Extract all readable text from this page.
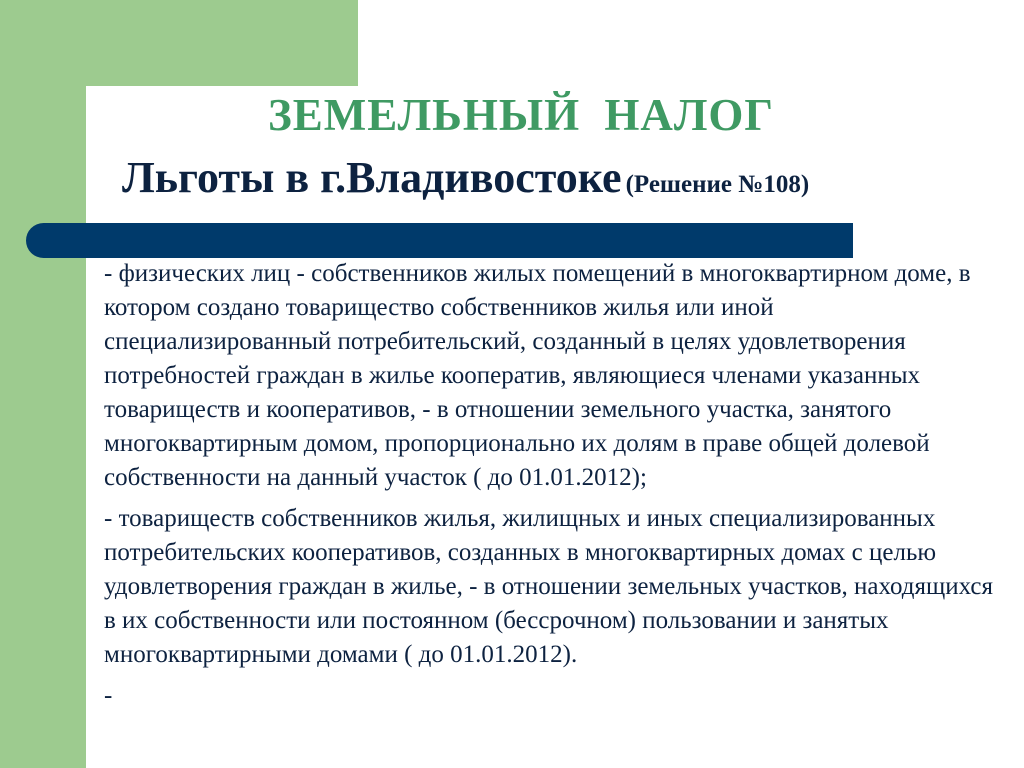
ЗЕМЕЛЬНЫЙ НАЛОГ
Льготы в г.Владивостоке (Решение №108)

- физических лиц - собственников жилых помещений в многоквартирном доме, в котором создано товарищество собственников жилья или иной специализированный потребительский, созданный в целях удовлетворения потребностей граждан в жилье кооператив, являющиеся членами указанных товариществ и кооперативов, - в отношении земельного участка, занятого многоквартирным домом, пропорционально их долям в праве общей долевой собственности на данный участок ( до 01.01.2012);

- товариществ собственников жилья, жилищных и иных специализированных потребительских кооперативов, созданных в многоквартирных домах с целью удовлетворения граждан в жилье, - в отношении земельных участков, находящихся в их собственности или постоянном (бессрочном) пользовании и занятых многоквартирными домами ( до 01.01.2012).

-
